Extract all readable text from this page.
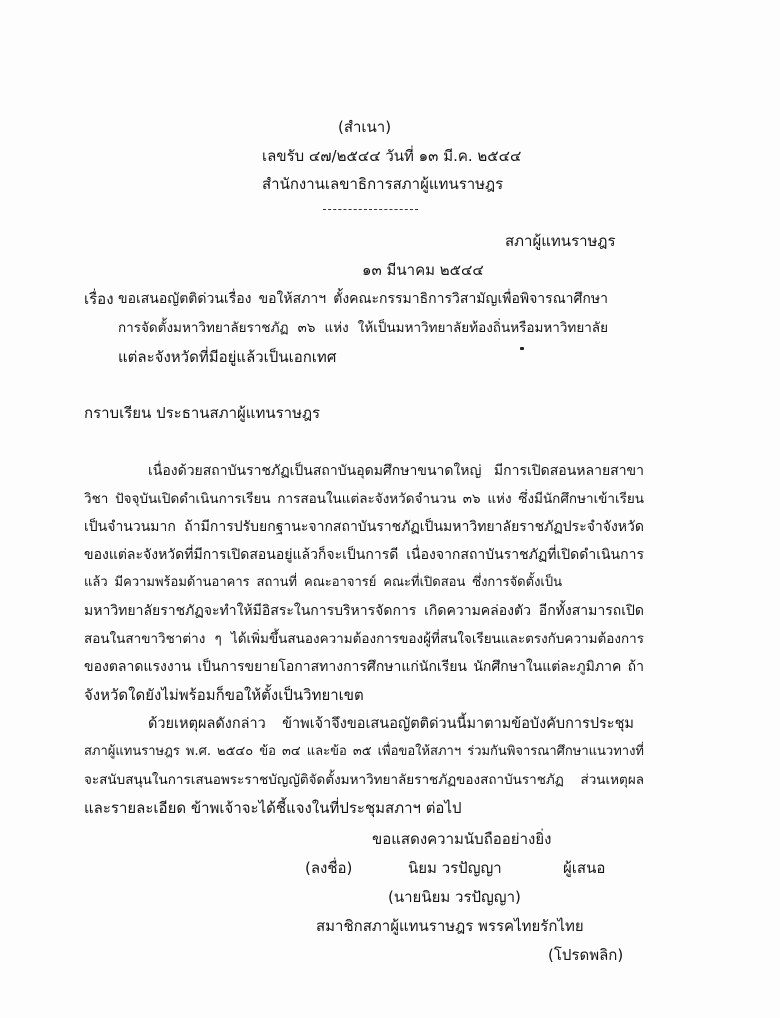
(สำเนา)
เลขรับ ๔๗/๒๕๔๔ วันที่ ๑๓ มี.ค. ๒๕๔๔
สำนักงานเลขาธิการสภาผู้แทนราษฎร
สภาผู้แทนราษฎร
๑๓ มีนาคม ๒๕๔๔
เรื่อง ขอเสนอญัตติด่วนเรื่อง ขอให้สภาฯ ตั้งคณะกรรมาธิการวิสามัญเพื่อพิจารณาศึกษา
การจัดตั้งมหาวิทยาลัยราชภัฏ ๓๖ แห่ง ให้เป็นมหาวิทยาลัยท้องถิ่นหรือมหาวิทยาลัย
แต่ละจังหวัดที่มีอยู่แล้วเป็นเอกเทศ
กราบเรียน ประธานสภาผู้แทนราษฎร
เนื่องด้วยสถาบันราชภัฏเป็นสถาบันอุดมศึกษาขนาดใหญ่ มีการเปิดสอนหลายสาขา
วิชา ปัจจุบันเปิดดำเนินการเรียน การสอนในแต่ละจังหวัดจำนวน ๓๖ แห่ง ซึ่งมีนักศึกษาเข้าเรียน
เป็นจำนวนมาก ถ้ามีการปรับยกฐานะจากสถาบันราชภัฏเป็นมหาวิทยาลัยราชภัฏประจำจังหวัด
ของแต่ละจังหวัดที่มีการเปิดสอนอยู่แล้วก็จะเป็นการดี เนื่องจากสถาบันราชภัฏที่เปิดดำเนินการ
แล้ว มีความพร้อมด้านอาคาร สถานที่ คณะอาจารย์ คณะที่เปิดสอน ซึ่งการจัดตั้งเป็น
มหาวิทยาลัยราชภัฏจะทำให้มีอิสระในการบริหารจัดการ เกิดความคล่องตัว อีกทั้งสามารถเปิด
สอนในสาขาวิชาต่าง ๆ ได้เพิ่มขึ้นสนองความต้องการของผู้ที่สนใจเรียนและตรงกับความต้องการ
ของตลาดแรงงาน เป็นการขยายโอกาสทางการศึกษาแก่นักเรียน นักศึกษาในแต่ละภูมิภาค ถ้า
จังหวัดใดยังไม่พร้อมก็ขอให้ตั้งเป็นวิทยาเขต
ด้วยเหตุผลดังกล่าว ข้าพเจ้าจึงขอเสนอญัตติด่วนนี้มาตามข้อบังคับการประชุม
สภาผู้แทนราษฎร พ.ศ. ๒๕๔๐ ข้อ ๓๔ และข้อ ๓๕ เพื่อขอให้สภาฯ ร่วมกันพิจารณาศึกษาแนวทางที่
จะสนับสนุนในการเสนอพระราชบัญญัติจัดตั้งมหาวิทยาลัยราชภัฏของสถาบันราชภัฏ ส่วนเหตุผล
และรายละเอียด ข้าพเจ้าจะได้ชี้แจงในที่ประชุมสภาฯ ต่อไป
ขอแสดงความนับถืออย่างยิ่ง
(ลงชื่อ)	นิยม วรปัญญา	ผู้เสนอ
(นายนิยม วรปัญญา)
สมาชิกสภาผู้แทนราษฎร พรรคไทยรักไทย
(โปรดพลิก)
